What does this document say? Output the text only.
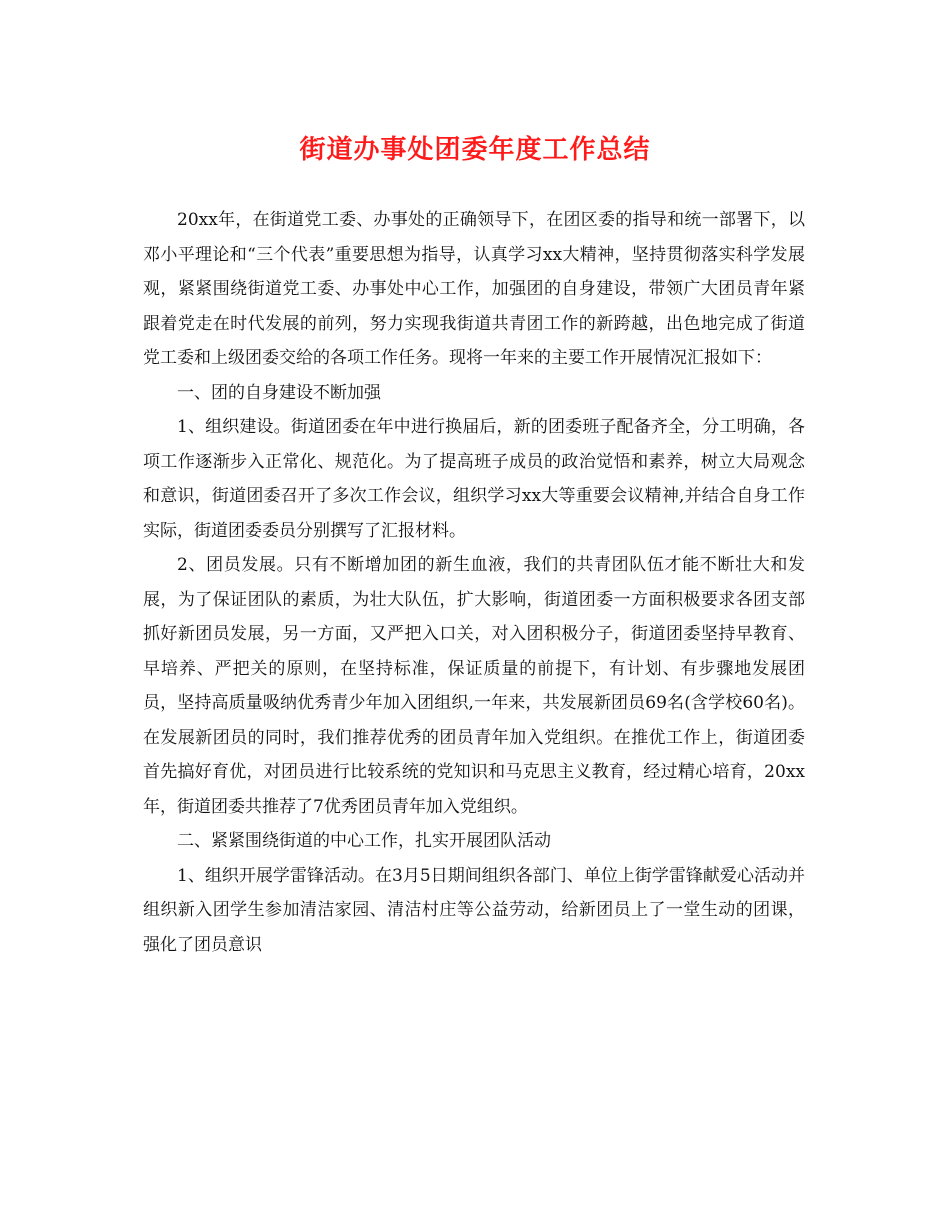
街道办事处团委年度工作总结

20xx年，在街道党工委、办事处的正确领导下，在团区委的指导和统一部署下，以邓小平理论和“三个代表”重要思想为指导，认真学习xx大精神，坚持贯彻落实科学发展观，紧紧围绕街道党工委、办事处中心工作，加强团的自身建设，带领广大团员青年紧跟着党走在时代发展的前列，努力实现我街道共青团工作的新跨越，出色地完成了街道党工委和上级团委交给的各项工作任务。现将一年来的主要工作开展情况汇报如下：

一、团的自身建设不断加强

1、组织建设。街道团委在年中进行换届后，新的团委班子配备齐全，分工明确，各项工作逐渐步入正常化、规范化。为了提高班子成员的政治觉悟和素养，树立大局观念和意识，街道团委召开了多次工作会议，组织学习xx大等重要会议精神,并结合自身工作实际，街道团委委员分别撰写了汇报材料。

2、团员发展。只有不断增加团的新生血液，我们的共青团队伍才能不断壮大和发展，为了保证团队的素质，为壮大队伍，扩大影响，街道团委一方面积极要求各团支部抓好新团员发展，另一方面，又严把入口关，对入团积极分子，街道团委坚持早教育、早培养、严把关的原则，在坚持标准，保证质量的前提下，有计划、有步骤地发展团员，坚持高质量吸纳优秀青少年加入团组织,一年来，共发展新团员69名(含学校60名)。在发展新团员的同时，我们推荐优秀的团员青年加入党组织。在推优工作上，街道团委首先搞好育优，对团员进行比较系统的党知识和马克思主义教育，经过精心培育，20xx年，街道团委共推荐了7优秀团员青年加入党组织。

二、紧紧围绕街道的中心工作，扎实开展团队活动

1、组织开展学雷锋活动。在3月5日期间组织各部门、单位上街学雷锋献爱心活动并组织新入团学生参加清洁家园、清洁村庄等公益劳动，给新团员上了一堂生动的团课，强化了团员意识
